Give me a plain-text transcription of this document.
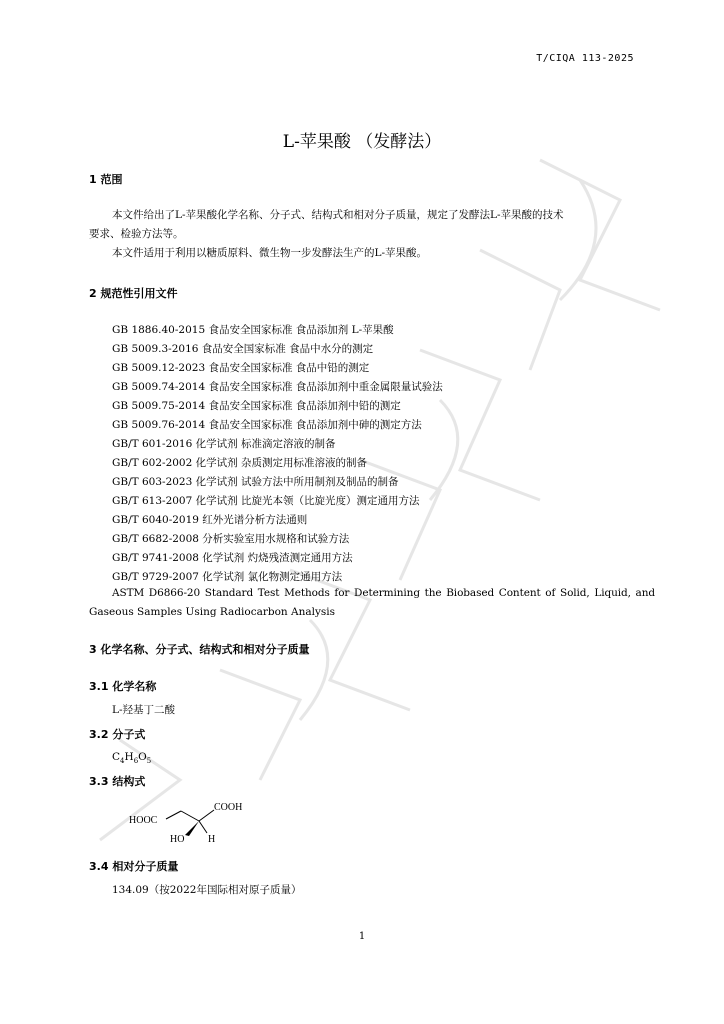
T/CIQA 113-2025
L-苹果酸 （发酵法）
1 范围
本文件给出了L-苹果酸化学名称、分子式、结构式和相对分子质量，规定了发酵法L-苹果酸的技术
要求、检验方法等。
本文件适用于利用以糖质原料、微生物一步发酵法生产的L-苹果酸。
2 规范性引用文件
GB 1886.40-2015 食品安全国家标准 食品添加剂 L-苹果酸
GB 5009.3-2016 食品安全国家标准 食品中水分的测定
GB 5009.12-2023 食品安全国家标准 食品中铅的测定
GB 5009.74-2014 食品安全国家标准 食品添加剂中重金属限量试验法
GB 5009.75-2014 食品安全国家标准 食品添加剂中铅的测定
GB 5009.76-2014 食品安全国家标准 食品添加剂中砷的测定方法
GB/T 601-2016 化学试剂 标准滴定溶液的制备
GB/T 602-2002 化学试剂 杂质测定用标准溶液的制备
GB/T 603-2023 化学试剂 试验方法中所用制剂及制品的制备
GB/T 613-2007 化学试剂 比旋光本领（比旋光度）测定通用方法
GB/T 6040-2019 红外光谱分析方法通则
GB/T 6682-2008 分析实验室用水规格和试验方法
GB/T 9741-2008 化学试剂 灼烧残渣测定通用方法
GB/T 9729-2007 化学试剂 氯化物测定通用方法
ASTM D6866-20 Standard Test Methods for Determining the Biobased Content of Solid, Liquid, and
Gaseous Samples Using Radiocarbon Analysis
3 化学名称、分子式、结构式和相对分子质量
3.1 化学名称
L-羟基丁二酸
3.2 分子式
$C_4H_6O_5$
3.3 结构式
COOH
HOOC
HO H
3.4 相对分子质量
134.09（按2022年国际相对原子质量）
1
